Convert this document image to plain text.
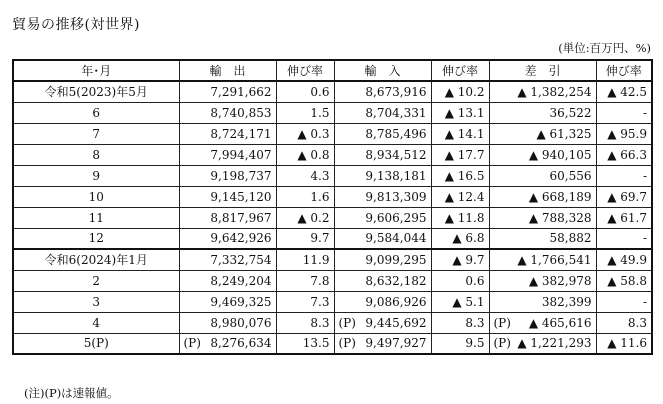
貿易の推移(対世界)
(単位:百万円、%)
年･月	輸　出	伸び率	輸　入	伸び率	差　引	伸び率
令和5(2023)年5月	7,291,662	0.6	8,673,916	▲ 10.2	▲ 1,382,254	▲ 42.5
6	8,740,853	1.5	8,704,331	▲ 13.1	36,522	-
7	8,724,171	▲ 0.3	8,785,496	▲ 14.1	▲ 61,325	▲ 95.9
8	7,994,407	▲ 0.8	8,934,512	▲ 17.7	▲ 940,105	▲ 66.3
9	9,198,737	4.3	9,138,181	▲ 16.5	60,556	-
10	9,145,120	1.6	9,813,309	▲ 12.4	▲ 668,189	▲ 69.7
11	8,817,967	▲ 0.2	9,606,295	▲ 11.8	▲ 788,328	▲ 61.7
12	9,642,926	9.7	9,584,044	▲ 6.8	58,882	-
令和6(2024)年1月	7,332,754	11.9	9,099,295	▲ 9.7	▲ 1,766,541	▲ 49.9
2	8,249,204	7.8	8,632,182	0.6	▲ 382,978	▲ 58.8
3	9,469,325	7.3	9,086,926	▲ 5.1	382,399	-
4	8,980,076	8.3	(P) 9,445,692	8.3	(P) ▲ 465,616	8.3
5(P)	(P) 8,276,634	13.5	(P) 9,497,927	9.5	(P) ▲ 1,221,293	▲ 11.6
(注)(P)は速報値。
